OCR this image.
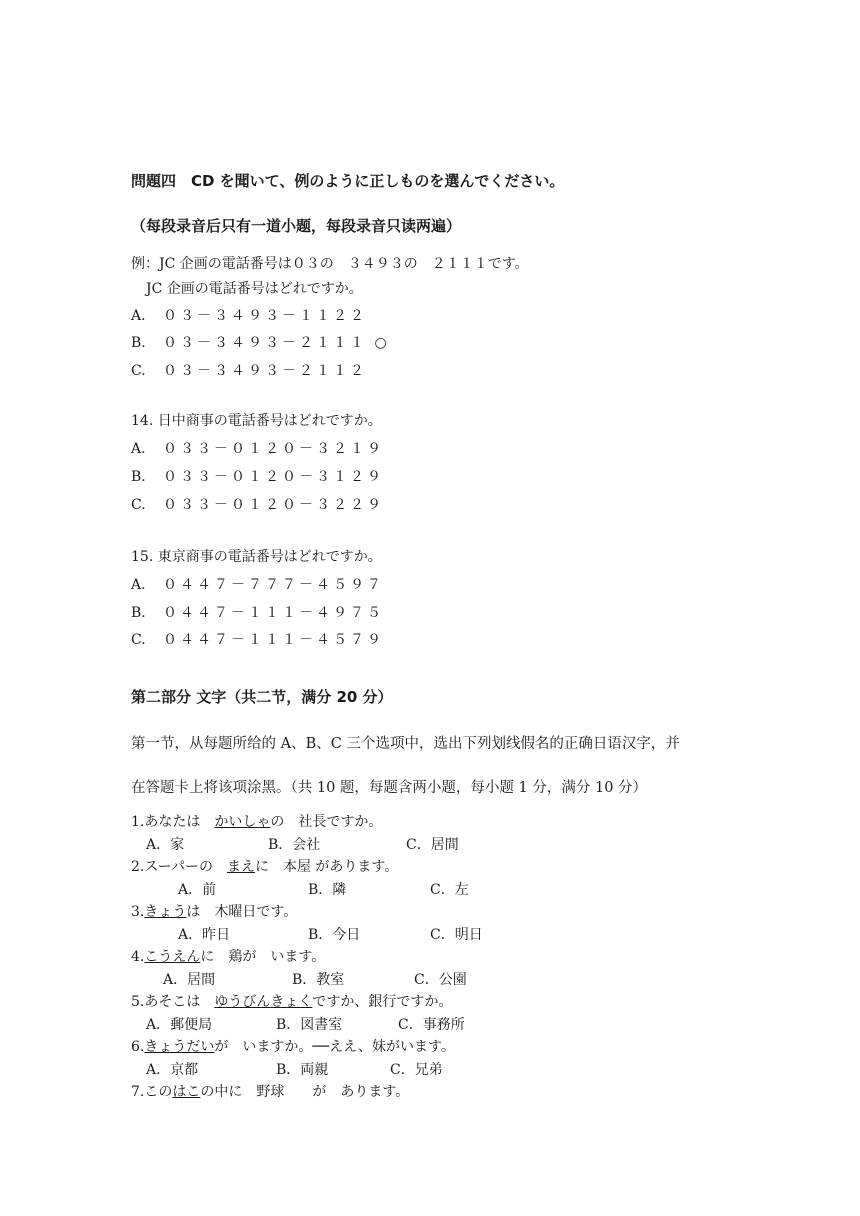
問題四　CD を聞いて、例のように正しものを選んでください。
（每段录音后只有一道小题，每段录音只读两遍）
例：JC 企画の電話番号は０３の　３４９３の　２１１１です。
JC 企画の電話番号はどれですか。
A. ０３－３４９３－１１２２
B. ０３－３４９３－２１１１ ○
C. ０３－３４９３－２１１２
14. 日中商事の電話番号はどれですか。
A. ０３３－０１２０－３２１９
B. ０３３－０１２０－３１２９
C. ０３３－０１２０－３２２９
15. 東京商事の電話番号はどれですか。
A. ０４４７－７７７－４５９７
B. ０４４７－１１１－４９７５
C. ０４４７－１１１－４５７９
第二部分 文字（共二节，满分 20 分）
第一节，从每题所给的 A、B、C 三个选项中，选出下列划线假名的正确日语汉字，并
在答题卡上将该项涂黑。（共 10 题，每题含两小题，每小题 1 分，满分 10 分）
1.あなたは　かいしゃの　社長ですか。
A．家	B．会社	C．居間
2.スーパーの　まえに　本屋 があります。
A．前	B．隣	C．左
3.きょうは　木曜日です。
A．昨日	B．今日	C．明日
4.こうえんに　鶏が　います。
A．居間	B．教室	C．公園
5.あそこは　ゆうびんきょくですか、銀行ですか。
A．郵便局	B．図書室	C．事務所
6.きょうだいが　いますか。──ええ、妹がいます。
A．京都	B．両親	C．兄弟
7.このはこの中に　野球　　が　あります。
